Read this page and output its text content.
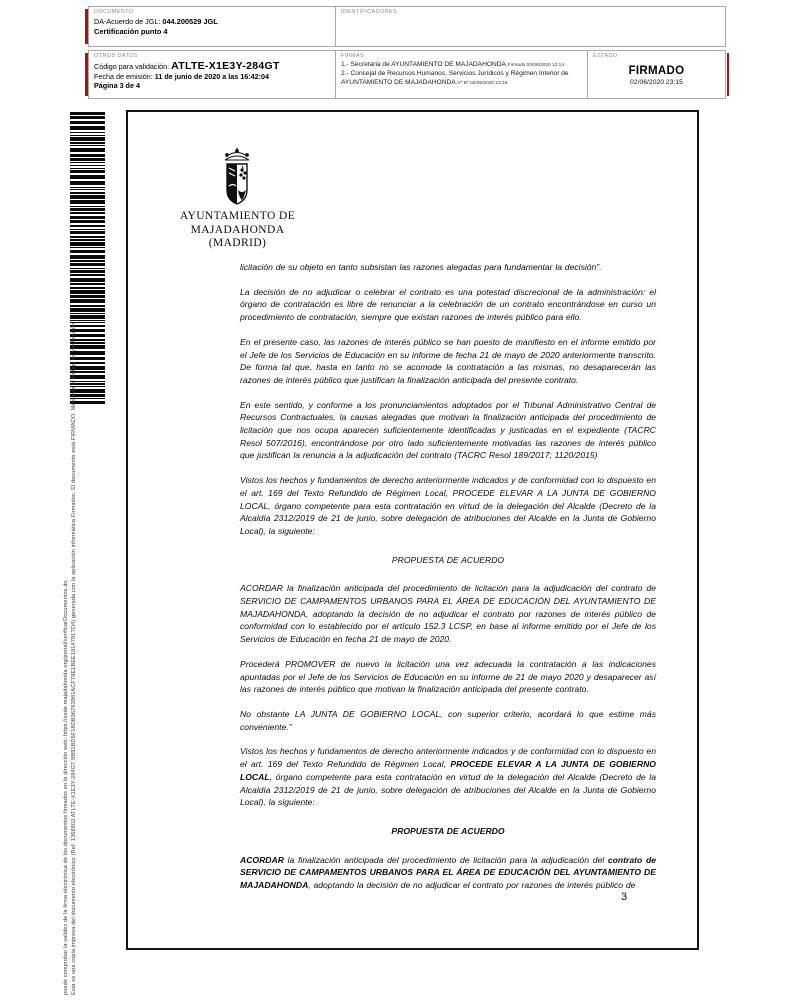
DOCUMENTO
DA-Acuerdo de JGL: 044.200529 JGL
Certificación punto 4
IDENTIFICADORES
OTROS DATOS
Código para validación: ATLTE-X1E3Y-284GT
Fecha de emisión: 11 de junio de 2020 a las 16:42:04
Página 3 de 4
FIRMAS
1.- Secretaria de AYUNTAMIENTO DE MAJADAHONDA.Firmado 02/06/2020 12:14
2.- Concejal de Recursos Humanos, Servicios Jurídicos y Régimen Interior de AYUNTAMIENTO DE MAJADAHONDA.Vº Bº 02/06/2020 23:15
ESTADO
FIRMADO
02/06/2020 23:15
Esta es una copia impresa del documento electrónico (Ref: 1368802 ATLTE-X1E3Y-284GT 8B91BD5F18DB96763981ACF79E1BEE1914791TD4) generada con la aplicación informática Firmadoc. El documento está FIRMADO. Mediante el código de verificación
puede comprobar la validez de la firma electrónica de los documentos firmados en la dirección web: https://sede.majadahonda.org/portal/verificarDocumentos.do
AYUNTAMIENTO DE
MAJADAHONDA
(MADRID)
licitación de su objeto en tanto subsistan las razones alegadas para fundamentar la decisión”.
La decisión de no adjudicar o celebrar el contrato es una potestad discrecional de la administración: el órgano de contratación es libre de renunciar a la celebración de un contrato encontrándose en curso un procedimiento de contratación, siempre que existan razones de interés público para ello.
En el presente caso, las razones de interés público se han puesto de manifiesto en el informe emitido por el Jefe de los Servicios de Educación en su informe de fecha 21 de mayo de 2020 anteriormente transcrito. De forma tal que, hasta en tanto no se acomode la contratación a las mismas, no desaparecerán las razones de interés público que justifican la finalización anticipada del presente contrato.
En este sentido, y conforme a los pronunciamientos adoptados por el Tribunal Administrativo Central de Recursos Contractuales, la causas alegadas que motivan la finalización anticipada del procedimiento de licitación que nos ocupa aparecen suficientemente identificadas y justicadas en el expediente (TACRC Resol 507/2016), encontrándose por otro lado suficientemente motivadas las razones de interés público que justifican la renuncia a la adjudicación del contrato (TACRC Resol 189/2017; 1120/2015)
Vistos los hechos y fundamentos de derecho anteriormente indicados y de conformidad con lo dispuesto en el art. 169 del Texto Refundido de Régimen Local, PROCEDE ELEVAR A LA JUNTA DE GOBIERNO LOCAL, órgano competente para esta contratación en virtud de la delegación del Alcalde (Decreto de la Alcaldía 2312/2019 de 21 de junio, sobre delegación de atribuciones del Alcalde en la Junta de Gobierno Local), la siguiente:
PROPUESTA DE ACUERDO
ACORDAR la finalización anticipada del procedimiento de licitación para la adjudicación del contrato de SERVICIO DE CAMPAMENTOS URBANOS PARA EL ÁREA DE EDUCACIÓN DEL AYUNTAMIENTO DE MAJADAHONDA, adoptando la decisión de no adjudicar el contrato por razones de interés público de conformidad con lo establecido por el artículo 152.3 LCSP, en base al informe emitido por el Jefe de los Servicios de Educación en fecha 21 de mayo de 2020.
Procederá PROMOVER de nuevo la licitación una vez adecuada la contratación a las indicaciones apuntadas por el Jefe de los Servicios de Educación en su informe de 21 de mayo 2020 y desaparecer así las razones de interés público que motivan la finalización anticipada del presente contrato.
No obstante LA JUNTA DE GOBIERNO LOCAL, con superior criterio, acordará lo que estime más conveniente.”
Vistos los hechos y fundamentos de derecho anteriormente indicados y de conformidad con lo dispuesto en el art. 169 del Texto Refundido de Régimen Local, PROCEDE ELEVAR A LA JUNTA DE GOBIERNO LOCAL, órgano competente para esta contratación en virtud de la delegación del Alcalde (Decreto de la Alcaldía 2312/2019 de 21 de junio, sobre delegación de atribuciones del Alcalde en la Junta de Gobierno Local), la siguiente:
PROPUESTA DE ACUERDO
ACORDAR la finalización anticipada del procedimiento de licitación para la adjudicación del contrato de SERVICIO DE CAMPAMENTOS URBANOS PARA EL ÁREA DE EDUCACIÓN DEL AYUNTAMIENTO DE MAJADAHONDA, adoptando la decisión de no adjudicar el contrato por razones de interés público de
3
